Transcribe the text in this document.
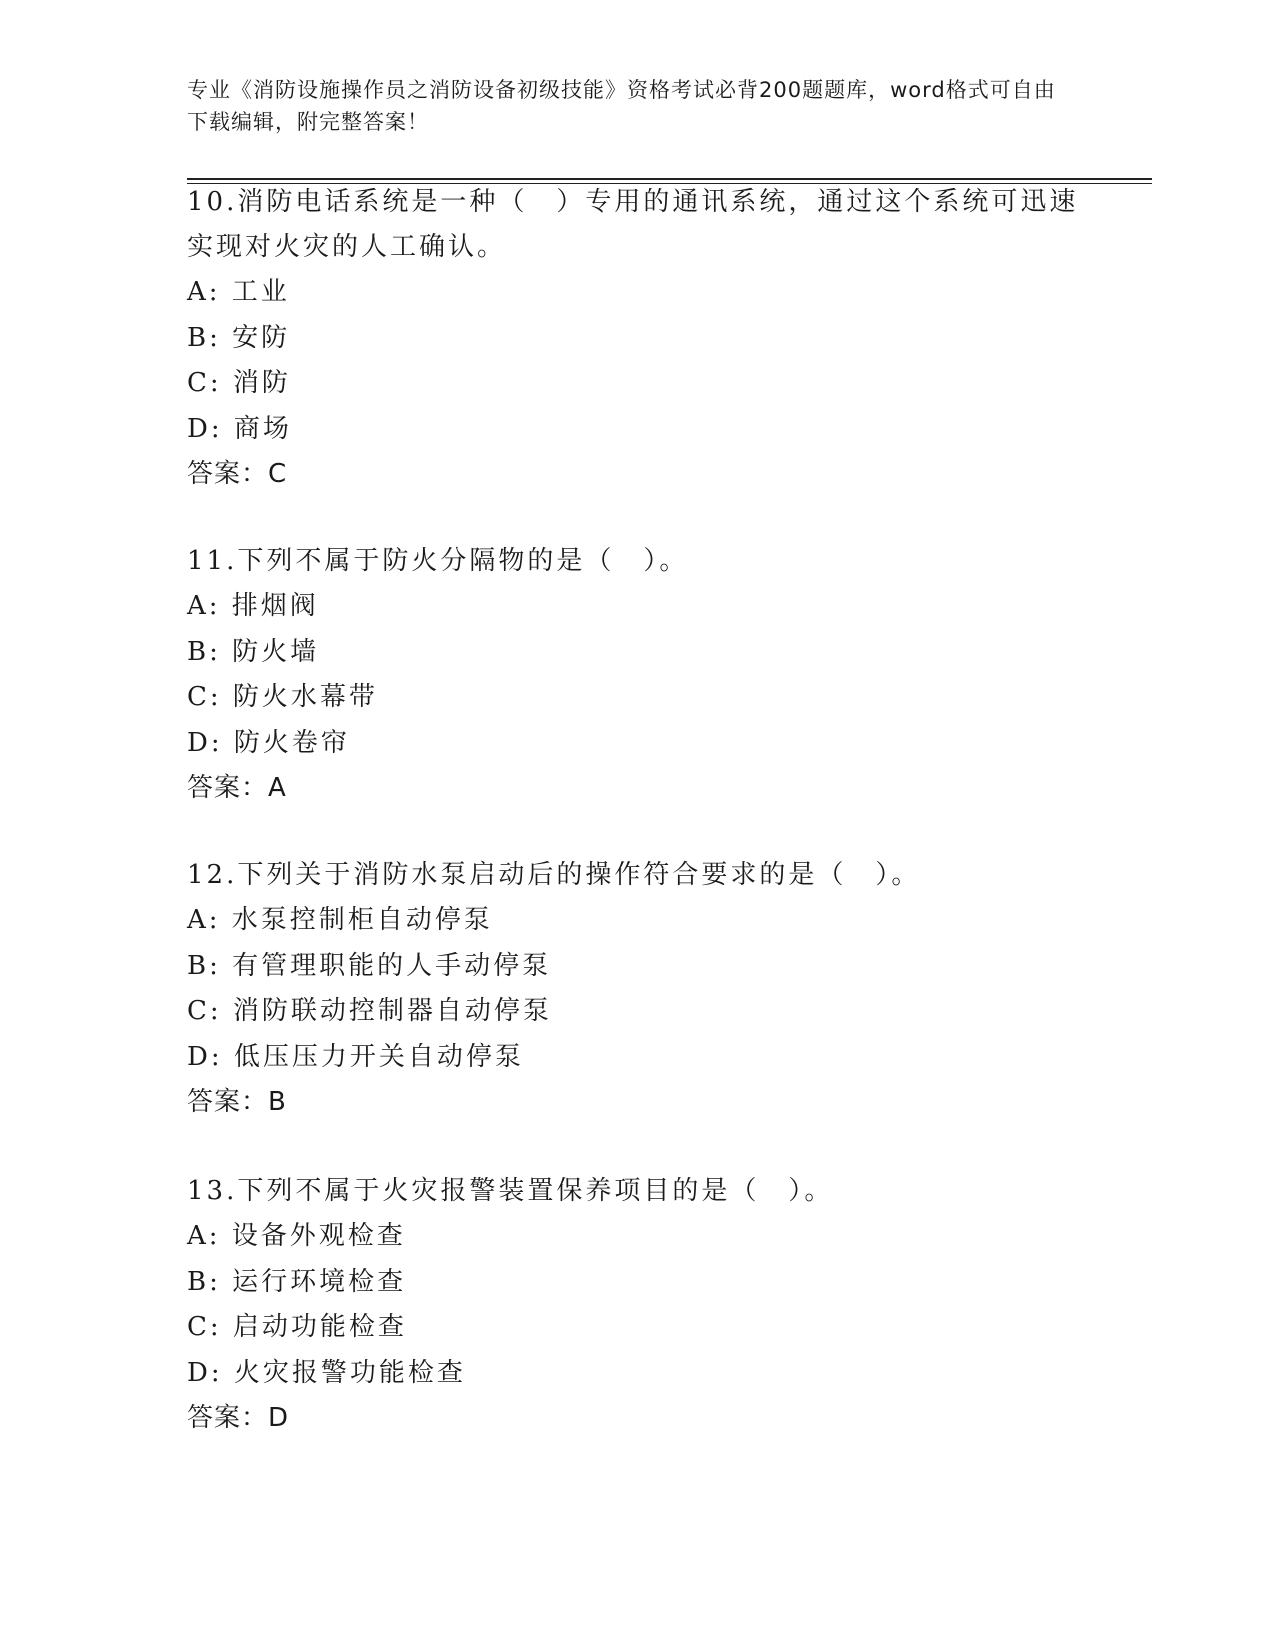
专业《消防设施操作员之消防设备初级技能》资格考试必背200题题库，word格式可自由下载编辑，附完整答案！
10.消防电话系统是一种（　）专用的通讯系统，通过这个系统可迅速实现对火灾的人工确认。
A: 工业
B: 安防
C: 消防
D: 商场
答案：C
11.下列不属于防火分隔物的是（　）。
A: 排烟阀
B: 防火墙
C: 防火水幕带
D: 防火卷帘
答案：A
12.下列关于消防水泵启动后的操作符合要求的是（　）。
A: 水泵控制柜自动停泵
B: 有管理职能的人手动停泵
C: 消防联动控制器自动停泵
D: 低压压力开关自动停泵
答案：B
13.下列不属于火灾报警装置保养项目的是（　）。
A: 设备外观检查
B: 运行环境检查
C: 启动功能检查
D: 火灾报警功能检查
答案：D
